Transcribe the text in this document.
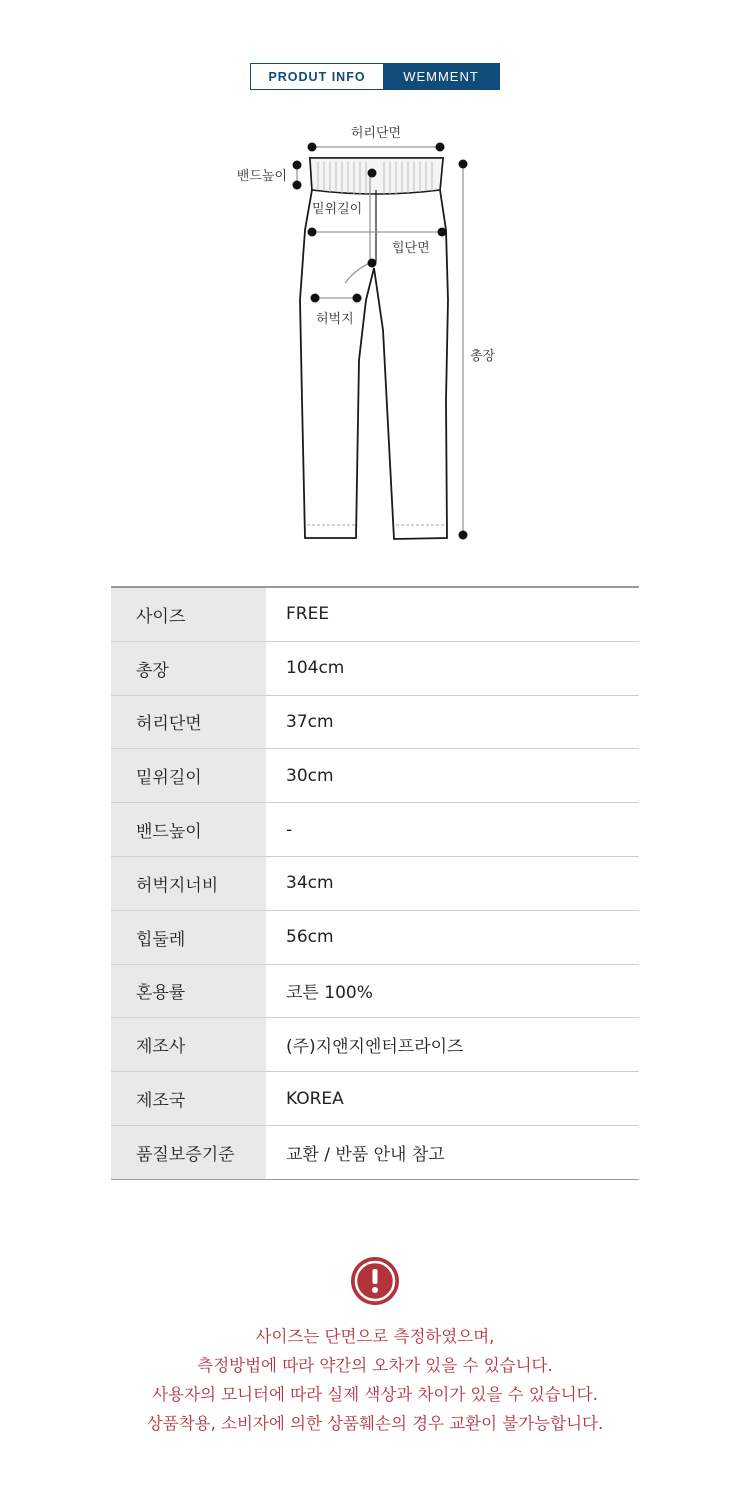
PRODUT INFO	WEMMENT
허리단면
밴드높이
밑위길이
힙단면
허벅지
총장
사이즈	FREE
총장	104cm
허리단면	37cm
밑위길이	30cm
밴드높이	-
허벅지너비	34cm
힙둘레	56cm
혼용률	코튼 100%
제조사	(주)지앤지엔터프라이즈
제조국	KOREA
품질보증기준	교환 / 반품 안내 참고
사이즈는 단면으로 측정하였으며,
측정방법에 따라 약간의 오차가 있을 수 있습니다.
사용자의 모니터에 따라 실제 색상과 차이가 있을 수 있습니다.
상품착용, 소비자에 의한 상품훼손의 경우 교환이 불가능합니다.
